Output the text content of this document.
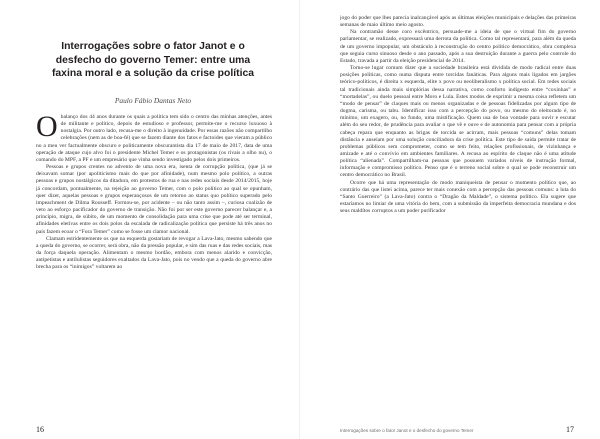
Interrogações sobre o fator Janot e o desfecho do governo Temer: entre uma faxina moral e a solução da crise política
Paulo Fábio Dantas Neto

Obalanço dos 44 anos durante os quais a política tem sido o centro das minhas atenções, antes de militante e político, depois de estudioso e professor, permite-me o recurso luxuoso à nostalgia. Por outro lado, recusa-me o direito à ingenuidade. Por essas razões não compartilho celebrações (nem as de boa-fé) que se fazem diante dos fatos e factoides que vieram a público no a meu ver factualmente obscuro e politicamente obscurantista dia 17 de maio de 2017, data de uma operação de ataque cujo alvo foi o presidente Michel Temer e os protagonistas (os rivais a olho nu), o comando do MPF, a PF e um empresário que vinha sendo investigado pelos dois primeiros.

Pessoas e grupos crentes no advento de uma nova era, isenta de corrupção política, (que já se deixavam somar (por apoliticismo mais do que por afinidade), num mesmo polo político, a outras pessoas e grupos nostálgicos da ditadura, em protestos de rua e nas redes sociais desde 2014/2015, hoje já concordam, pontualmente, na rejeição ao governo Temer, com o polo político ao qual se opunham, quer dizer, aquelas pessoas e grupos esperançosos de um retorno ao status quo político superado pelo impeachment de Dilma Rousseff. Formou-se, por acidente – ou não tanto assim –, curiosa coalizão de veto ao esforço pacificador do governo de transição. Não foi por ser este governo parecer balançar e, a princípio, migra, de súbito, de um momento de consolidação para uma crise que pode até ser terminal, afinidades eletivas entre os dois polos da escalada de radicalização política que persiste há três anos no país fazem ecoar o “Fora Temer” como se fosse um clamor nacional.

Clamam estridentemente os que na esquerda gostariam de revogar a Lava-Jato, mesmo sabendo que a queda do governo, se ocorrer, será obra, não da pressão popular, e sim das ruas e das redes sociais, mas da força daquela operação. Alimentam o mesmo bordão, embora com menos alarido e convicção, antipetistas e antilulistas seguidores exaltados da Lava-Jato, pois no vendo que a queda do governo abre brecha para os “inimigos” voltarem ao

16

jogo do poder que lhes parecia inalcançável após as últimas eleições municipais e delações das primeiras semanas de maio último meio agosto.

Na contramão desse coro excêntrico, persuade-me a ideia de que o virtual fim do governo parlamentar, se realizado, expressará uma derrota da política. Como tal representará, para além da queda de um governo impopular, um obstáculo à reconstrução do centro político democrático, obra complexa que seguia curso sinuoso desde o ano passado, após a sua destruição durante a guerra pelo controle do Estado, travada a partir da eleição presidencial de 2014.

Torno-se lugar comum dizer que a sociedade brasileira está dividida de modo radical entre duas posições políticas, como numa disputa entre torcidas fanáticas. Para alguns mais ligados em jargões teórico-políticos, é direita x esquerda, elite x povo ou neoliberalismo x política social. Em redes sociais tal tradicionais ainda mais simplórias dessa narrativa, como conforto indigesto entre “coxinhas” e “mortadelas”, ou duelo pessoal entre Moro e Lula. Estes modos de exprimir a mesma coisa refletem um “modo de pensar” de claques mais ou menos organizadas e de pessoas fidelizadas por algum tipo de dogma, carisma, ou tabu. Identificar isso com a percepção do povo, ou mesmo do eleitorado é, no mínimo, um exagero, ou, no fundo, uma mistificação. Quem usa de boa vontade para ouvir e escutar além do seu redor, de prudência para avaliar o que vê e ouve e de autonomia para pensar com a própria cabeça repara que enquanto as brigas de torcida se acirram, mais pessoas “comuns” delas tomam distância e anseiam por uma solução conciliadora da crise política. Este tipo de saída permite tratar de problemas públicos sem comprometer, como se tem feito, relações profissionais, de vizinhança e amizade e até o convívio em ambientes familiares. A recusa ao espírito de claque não é uma atitude política “alienada”. Compartilham-na pessoas que possuem variados níveis de instrução formal, informação e compromisso político. Penso que é o terreno social sobre o qual se pode reconstruir um centro democrático no Brasil.

Ocorre que há uma representação do modo maniqueísta de pensar o momento político que, ao contrário das que listei acima, parece ter mais conexão com a percepção das pessoas comuns: a luta do “Santo Guerreiro” (a Lava-Jato) contra o “Dragão da Maldade”, o sistema político. Ela sugere que estaríamos no limiar de uma vitória do bem, com a submissão da imperfeita democracia mundana e dos seus maldítos corruptos a um poder purificador

Interrogações sobre o fator Janot e o desfecho do governo Temer	17
